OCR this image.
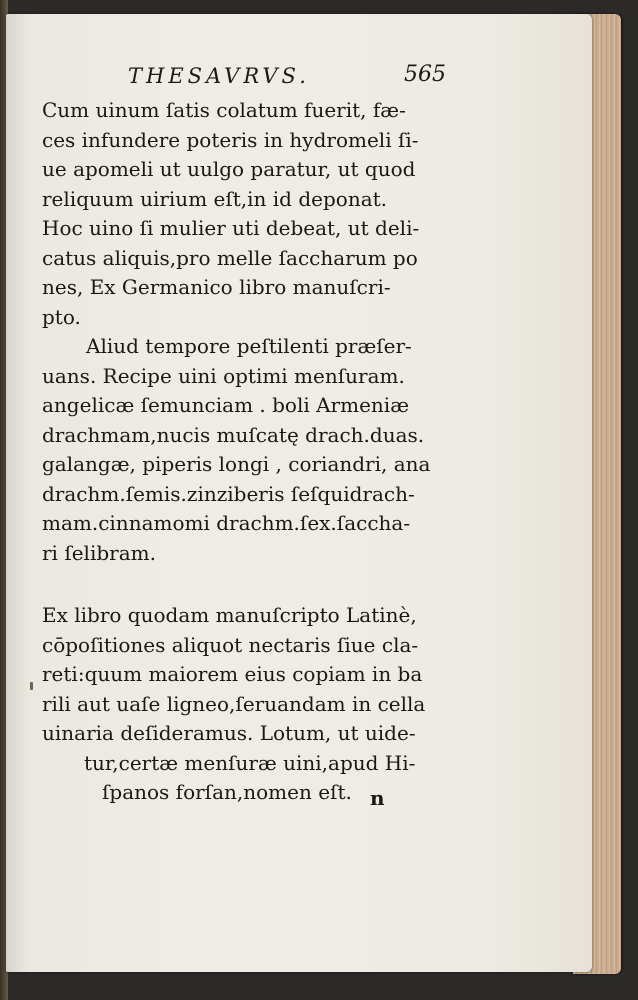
THESAVRVS.	565
Cum uinum ſatis colatum fuerit, fæ-
ces infundere poteris in hydromeli ſi-
ue apomeli ut uulgo paratur, ut quod
reliquum uirium eſt,in id deponat.
Hoc uino ſi mulier uti debeat, ut deli-
catus aliquis,pro melle ſaccharum po
nes, Ex Germanico libro manuſcri-
pto.
Aliud tempore peſtilenti præſer-
uans. Recipe uini optimi menſuram.
angelicæ ſemunciam . boli Armeniæ
drachmam,nucis muſcatę drach.duas.
galangæ, piperis longi , coriandri, ana
drachm.ſemis.zinziberis ſeſquidrach-
mam.cinnamomi drachm.ſex.ſaccha-
ri ſelibram.
Ex libro quodam manuſcripto Latinè,
cōpoſitiones aliquot nectaris ſiue cla-
reti:quum maiorem eius copiam in ba
rili aut uaſe ligneo,ſeruandam in cella
uinaria deſideramus. Lotum, ut uide-
tur,certæ menſuræ uini,apud Hi-
ſpanos forſan,nomen eſt. n
